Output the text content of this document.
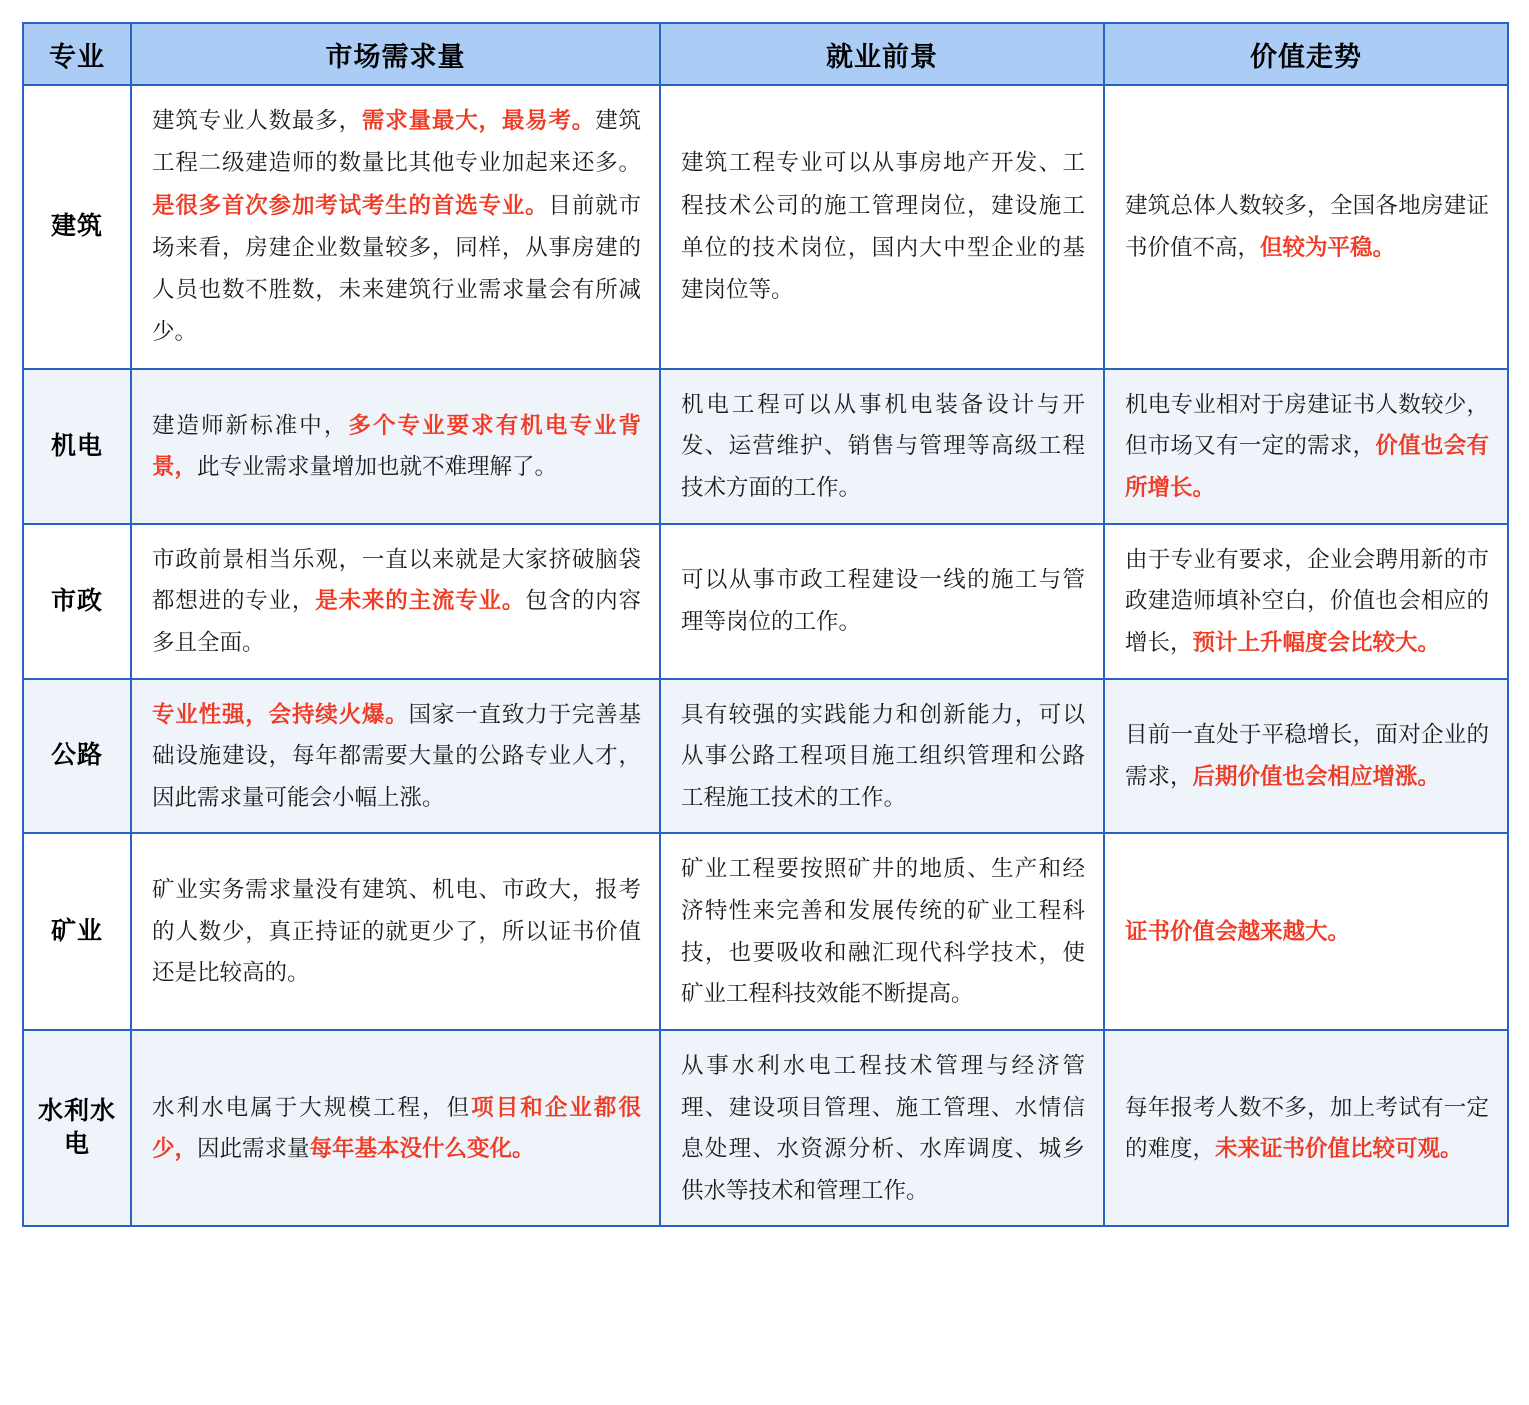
专业	市场需求量	就业前景	价值走势
建筑	建筑专业人数最多，需求量最大，最易考。建筑工程二级建造师的数量比其他专业加起来还多。是很多首次参加考试考生的首选专业。目前就市场来看，房建企业数量较多，同样，从事房建的人员也数不胜数，未来建筑行业需求量会有所减少。	建筑工程专业可以从事房地产开发、工程技术公司的施工管理岗位，建设施工单位的技术岗位，国内大中型企业的基建岗位等。	建筑总体人数较多，全国各地房建证书价值不高，但较为平稳。
机电	建造师新标准中，多个专业要求有机电专业背景，此专业需求量增加也就不难理解了。	机电工程可以从事机电装备设计与开发、运营维护、销售与管理等高级工程技术方面的工作。	机电专业相对于房建证书人数较少，但市场又有一定的需求，价值也会有所增长。
市政	市政前景相当乐观，一直以来就是大家挤破脑袋都想进的专业，是未来的主流专业。包含的内容多且全面。	可以从事市政工程建设一线的施工与管理等岗位的工作。	由于专业有要求，企业会聘用新的市政建造师填补空白，价值也会相应的增长，预计上升幅度会比较大。
公路	专业性强，会持续火爆。国家一直致力于完善基础设施建设，每年都需要大量的公路专业人才，因此需求量可能会小幅上涨。	具有较强的实践能力和创新能力，可以从事公路工程项目施工组织管理和公路工程施工技术的工作。	目前一直处于平稳增长，面对企业的需求，后期价值也会相应增涨。
矿业	矿业实务需求量没有建筑、机电、市政大，报考的人数少，真正持证的就更少了，所以证书价值还是比较高的。	矿业工程要按照矿井的地质、生产和经济特性来完善和发展传统的矿业工程科技，也要吸收和融汇现代科学技术，使矿业工程科技效能不断提高。	证书价值会越来越大。
水利水电	水利水电属于大规模工程，但项目和企业都很少，因此需求量每年基本没什么变化。	从事水利水电工程技术管理与经济管理、建设项目管理、施工管理、水情信息处理、水资源分析、水库调度、城乡供水等技术和管理工作。	每年报考人数不多，加上考试有一定的难度，未来证书价值比较可观。
